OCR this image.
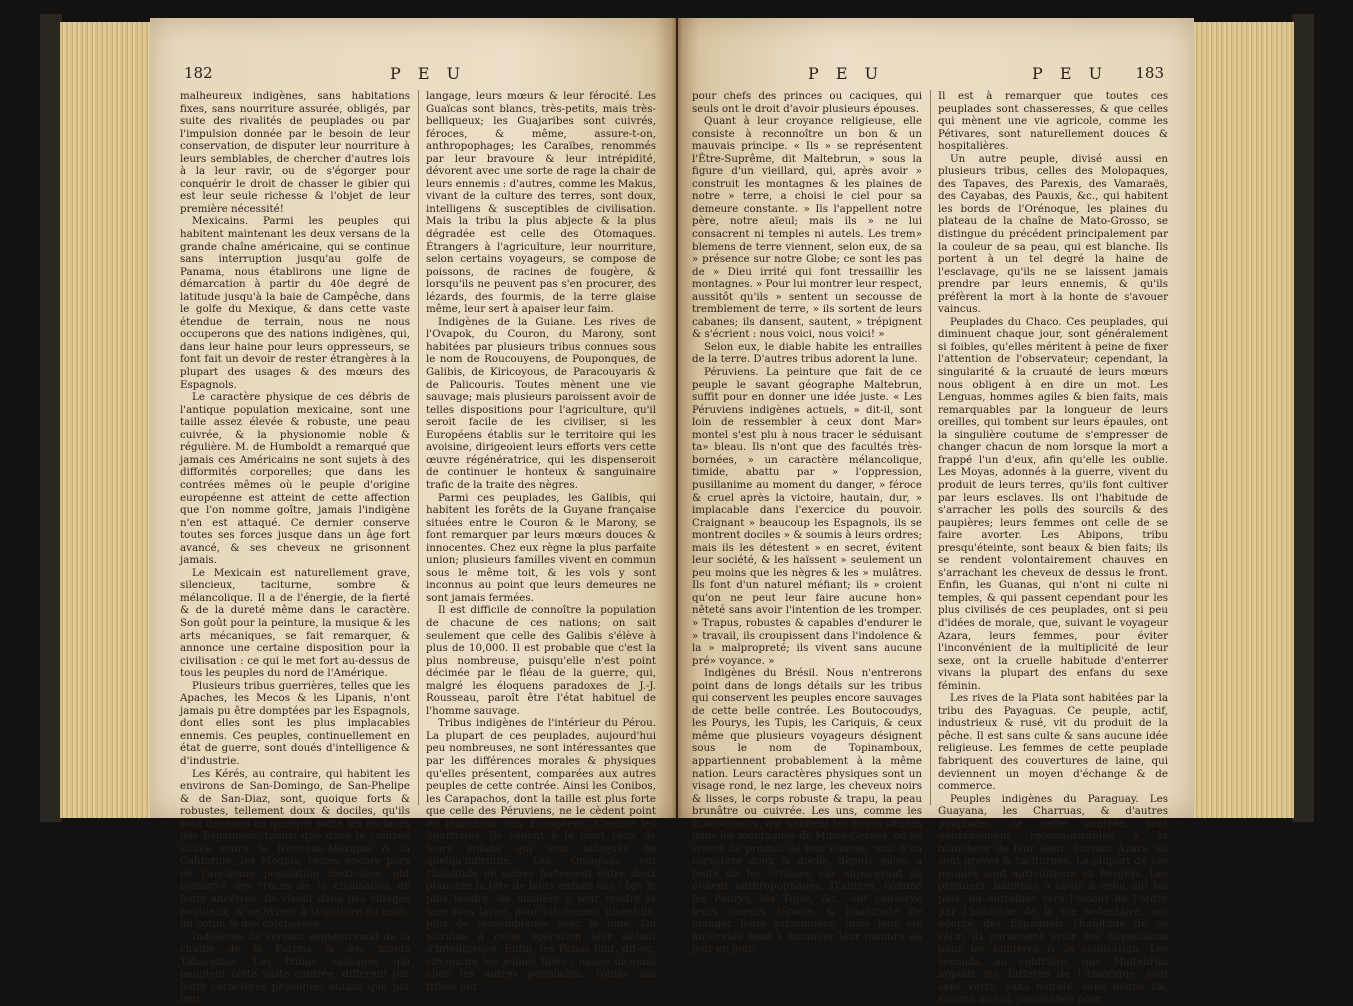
182	P E U

malheureux indigènes, sans habitations fixes, sans nourriture assurée, obligés, par suite des rivalités de peuplades ou par l'impulsion donnée par le besoin de leur conservation, de disputer leur nourriture à leurs semblables, de chercher d'autres lois à la leur ravir, ou de s'égorger pour conquérir le droit de chasser le gibier qui est leur seule richesse & l'objet de leur première nécessité!

Mexicains. Parmi les peuples qui habitent maintenant les deux versans de la grande chaîne américaine, qui se continue sans interruption jusqu'au golfe de Panama, nous établirons une ligne de démarcation à partir du 40e degré de latitude jusqu'à la baie de Campêche, dans le golfe du Mexique, & dans cette vaste étendue de terrain, nous ne nous occuperons que des nations indigènes, qui, dans leur haine pour leurs oppresseurs, se font fait un devoir de rester étrangères à la plupart des usages & des mœurs des Espagnols.

Le caractère physique de ces débris de l'antique population mexicaine, sont une taille assez élevée & robuste, une peau cuivrée, & la physionomie noble & régulière. M. de Humboldt a remarqué que jamais ces Américains ne sont sujets à des difformités corporelles; que dans les contrées mêmes où le peuple d'origine européenne est atteint de cette affection que l'on nomme goître, jamais l'indigène n'en est attaqué. Ce dernier conserve toutes ses forces jusque dans un âge fort avancé, & ses cheveux ne grisonnent jamais.

Le Mexicain est naturellement grave, silencieux, taciturne, sombre & mélancolique. Il a de l'énergie, de la fierté & de la dureté même dans le caractère. Son goût pour la peinture, la musique & les arts mécaniques, se fait remarquer, & annonce une certaine disposition pour la civilisation : ce qui le met fort au-dessus de tous les peuples du nord de l'Amérique.

Plusieurs tribus guerrières, telles que les Apaches, les Mecos & les Lipanis, n'ont jamais pu être domptées par les Espagnols, dont elles sont les plus implacables ennemis. Ces peuples, continuellement en état de guerre, sont doués d'intelligence & d'industrie.

Les Kérés, au contraire, qui habitent les environs de San-Domingo, de San-Phelipe & de San-Diaz, sont, quoique forts & robustes, tellement doux & dociles, qu'ils sont devenus en quelque sorte les esclaves des Espagnols; tandis que dans la contrée située entre le Nouveau-Mexique & la Californie, les Moquis, restes encore purs de l'ancienne population mexicaine, ont conservé des traces de la civilisation de leurs ancêtres. Ils vivent dans des villages populeux, & se livrent à la culture du maïs, du coton & des calebasses.

Indigènes du versant septentrional de la chaîne de la Parima & des monts Tabaraïmo. Les tribus sauvages qui peuplent cette vaste contrée, diffèrent par leurs caractères physiques autant que par leur

langage, leurs mœurs & leur férocité. Les Guaïcas sont blancs, très-petits, mais très-belliqueux; les Guajaribes sont cuivrés, féroces, & même, assure-t-on, anthropophages; les Caraïbes, renommés par leur bravoure & leur intrépidité, dévorent avec une sorte de rage la chair de leurs ennemis : d'autres, comme les Makus, vivant de la culture des terres, sont doux, intelligens & susceptibles de civilisation. Mais la tribu la plus abjecte & la plus dégradée est celle des Otomaques. Étrangers à l'agriculture, leur nourriture, selon certains voyageurs, se compose de poissons, de racines de fougère, & lorsqu'ils ne peuvent pas s'en procurer, des lézards, des fourmis, de la terre glaise même, leur sert à apaiser leur faim.

Indigènes de la Guiane. Les rives de l'Ovapok, du Couron, du Marony, sont habitées par plusieurs tribus connues sous le nom de Roucouyens, de Pouponques, de Galibis, de Kiricoyous, de Paracouyaris & de Palicouris. Toutes mènent une vie sauvage; mais plusieurs paroissent avoir de telles dispositions pour l'agriculture, qu'il seroit facile de les civiliser, si les Européens établis sur le territoire qui les avoisine, dirigeoient leurs efforts vers cette œuvre régénératrice, qui les dispenseroit de continuer le honteux & sanguinaire trafic de la traite des nègres.

Parmi ces peuplades, les Galibis, qui habitent les forêts de la Guyane française situées entre le Couron & le Marony, se font remarquer par leurs mœurs douces & innocentes. Chez eux règne la plus parfaite union; plusieurs familles vivent en commun sous le même toit, & les vols y sont inconnus au point que leurs demeures ne sont jamais fermées.

Il est difficile de connoître la population de chacune de ces nations; on sait seulement que celle des Galibis s'élève à plus de 10,000. Il est probable que c'est la plus nombreuse, puisqu'elle n'est point décimée par le fléau de la guerre, qui, malgré les éloquens paradoxes de J.-J. Rousseau, paroît être l'état habituel de l'homme sauvage.

Tribus indigènes de l'intérieur du Pérou. La plupart de ces peuplades, aujourd'hui peu nombreuses, ne sont intéressantes que par les différences morales & physiques qu'elles présentent, comparées aux autres peuples de cette contrée. Ainsi les Conibos, les Carapachos, dont la taille est plus forte que celle des Péruviens, ne le cèdent point en blancheur aux Européens. Comme les Spartiates, ils vouent à la mort ceux de leurs enfans qui sont attaqués de quelqu'infirmité. Les Omaguas ont l'habitude de serrer fortement entre deux planches la tête de leurs enfans dès l'âge le plus tendre, de manière à leur rendre la face plus large, pour lui donner, disent-ils, plus de ressemblance avec la lune. On attribue à cette opération leur défaut d'intelligence. Enfin, les Panos font, dit-on, circoncire les jeunes filles : usage inconnu chez les autres peuplades. Toutes ces tribus ont

P E U	P E U 183

pour chefs des princes ou caciques, qui seuls ont le droit d'avoir plusieurs épouses.

Quant à leur croyance religieuse, elle consiste à reconnoître un bon & un mauvais principe. « Ils » se représentent l'Être-Suprême, dit Maltebrun, » sous la figure d'un vieillard, qui, après avoir » construit les montagnes & les plaines de notre » terre, a choisi le ciel pour sa demeure constante. » Ils l'appellent notre père, notre aïeul; mais ils » ne lui consacrent ni temples ni autels. Les trem» blemens de terre viennent, selon eux, de sa » présence sur notre Globe; ce sont les pas de » Dieu irrité qui font tressaillir les montagnes. » Pour lui montrer leur respect, aussitôt qu'ils » sentent un secousse de tremblement de terre, » ils sortent de leurs cabanes; ils dansent, sautent, » trépignent & s'écrient : nous voici, nous voici! »

Selon eux, le diable habite les entrailles de la terre. D'autres tribus adorent la lune.

Péruviens. La peinture que fait de ce peuple le savant géographe Maltebrun, suffit pour en donner une idée juste. « Les Péruviens indigènes actuels, » dit-il, sont loin de ressembler à ceux dont Mar» montel s'est plu à nous tracer le séduisant ta» bleau. Ils n'ont que des facultés très-bornées, » un caractère mélancolique, timide, abattu par » l'oppression, pusillanime au moment du danger, » féroce & cruel après la victoire, hautain, dur, » implacable dans l'exercice du pouvoir. Craignant » beaucoup les Espagnols, ils se montrent dociles » & soumis à leurs ordres; mais ils les détestent » en secret, évitent leur société, & les haïssent » seulement un peu moins que les nègres & les » mulâtres. Ils font d'un naturel méfiant; ils » croient qu'on ne peut leur faire aucune hon» nêteté sans avoir l'intention de les tromper. » Trapus, robustes & capables d'endurer le » travail, ils croupissent dans l'indolence & la » malpropreté; ils vivent sans aucune pré» voyance. »

Indigènes du Brésil. Nous n'entrerons point dans de longs détails sur les tribus qui conservent les peuples encore sauvages de cette belle contrée. Les Boutocoudys, les Pourys, les Tupis, les Cariquis, & ceux même que plusieurs voyageurs désignent sous le nom de Topinamboux, appartiennent probablement à la même nation. Leurs caractères physiques sont un visage rond, le nez large, les cheveux noirs & lisses, le corps robuste & trapu, la peau brunâtre ou cuivrée. Les uns, comme les Boutocoudys, qui habitent les forêts situées dans les montagnes de Minas-Geraes, où ils vivent du produit de leur chasse, sont d'un caractère doux & docile, depuis qu'on a tenté de les civiliser, car auparavant ils étoient anthropophages. D'autres, comme les Pourys, les Tupis, &c., ont conservé leurs mœurs féroces & l'habitude de manger leurs prisonniers; mais leur vie misérable tend à diminuer leur nombre de jour en jour.

Il est à remarquer que toutes ces peuplades sont chasseresses, & que celles qui mènent une vie agricole, comme les Pétivares, sont naturellement douces & hospitalières.

Un autre peuple, divisé aussi en plusieurs tribus, celles des Molopaques, des Tapaves, des Parexis, des Vamaraës, des Cayabas, des Pauxis, &c., qui habitent les bords de l'Orénoque, les plaines du plateau de la chaîne de Mato-Grosso, se distingue du précédent principalement par la couleur de sa peau, qui est blanche. Ils portent à un tel degré la haine de l'esclavage, qu'ils ne se laissent jamais prendre par leurs ennemis, & qu'ils préfèrent la mort à la honte de s'avouer vaincus.

Peuplades du Chaco. Ces peuplades, qui diminuent chaque jour, sont généralement si foibles, qu'elles méritent à peine de fixer l'attention de l'observateur; cependant, la singularité & la cruauté de leurs mœurs nous obligent à en dire un mot. Les Lenguas, hommes agiles & bien faits, mais remarquables par la longueur de leurs oreilles, qui tombent sur leurs épaules, ont la singulière coutume de s'empresser de changer chacun de nom lorsque la mort a frappé l'un d'eux, afin qu'elle les oublie. Les Moyas, adonnés à la guerre, vivent du produit de leurs terres, qu'ils font cultiver par leurs esclaves. Ils ont l'habitude de s'arracher les poils des sourcils & des paupières; leurs femmes ont celle de se faire avorter. Les Abipons, tribu presqu'éteinte, sont beaux & bien faits; ils se rendent volontairement chauves en s'arrachant les cheveux de dessus le front. Enfin, les Guanas, qui n'ont ni culte ni temples, & qui passent cependant pour les plus civilisés de ces peuplades, ont si peu d'idées de morale, que, suivant le voyageur Azara, leurs femmes, pour éviter l'inconvénient de la multiplicité de leur sexe, ont la cruelle habitude d'enterrer vivans la plupart des enfans du sexe féminin.

Les rives de la Plata sont habitées par la tribu des Payaguas. Ce peuple, actif, industrieux & rusé, vit du produit de la pêche. Il est sans culte & sans aucune idée religieuse. Les femmes de cette peuplade fabriquent des couvertures de laine, qui deviennent un moyen d'échange & de commerce.

Peuples indigènes du Paraguay. Les Guayana, les Charruas, & d'autres peuplades de cette contrée, sont généralement reconnoissables à la blancheur de leur teint. Suivant Azara, ils sont graves & taciturnes. La plupart de ces peuples sont agriculteurs ou bergers. Les premiers, habitués à obéir à celui qui les paie, ou entraînés vers l'amour de l'ordre par l'habitude de la vie sédentaire, ont adopté des Espagnols l'habitude de se vêtir; ils paroissent avoir des dispositions pour les lumières & la civilisation. Les seconds, au contraire, que Maltebrun appelle les Tartares de l'Amérique, sont sans vertu, sans morale, sans bonne foi, enclins au vol, passionnés pour
